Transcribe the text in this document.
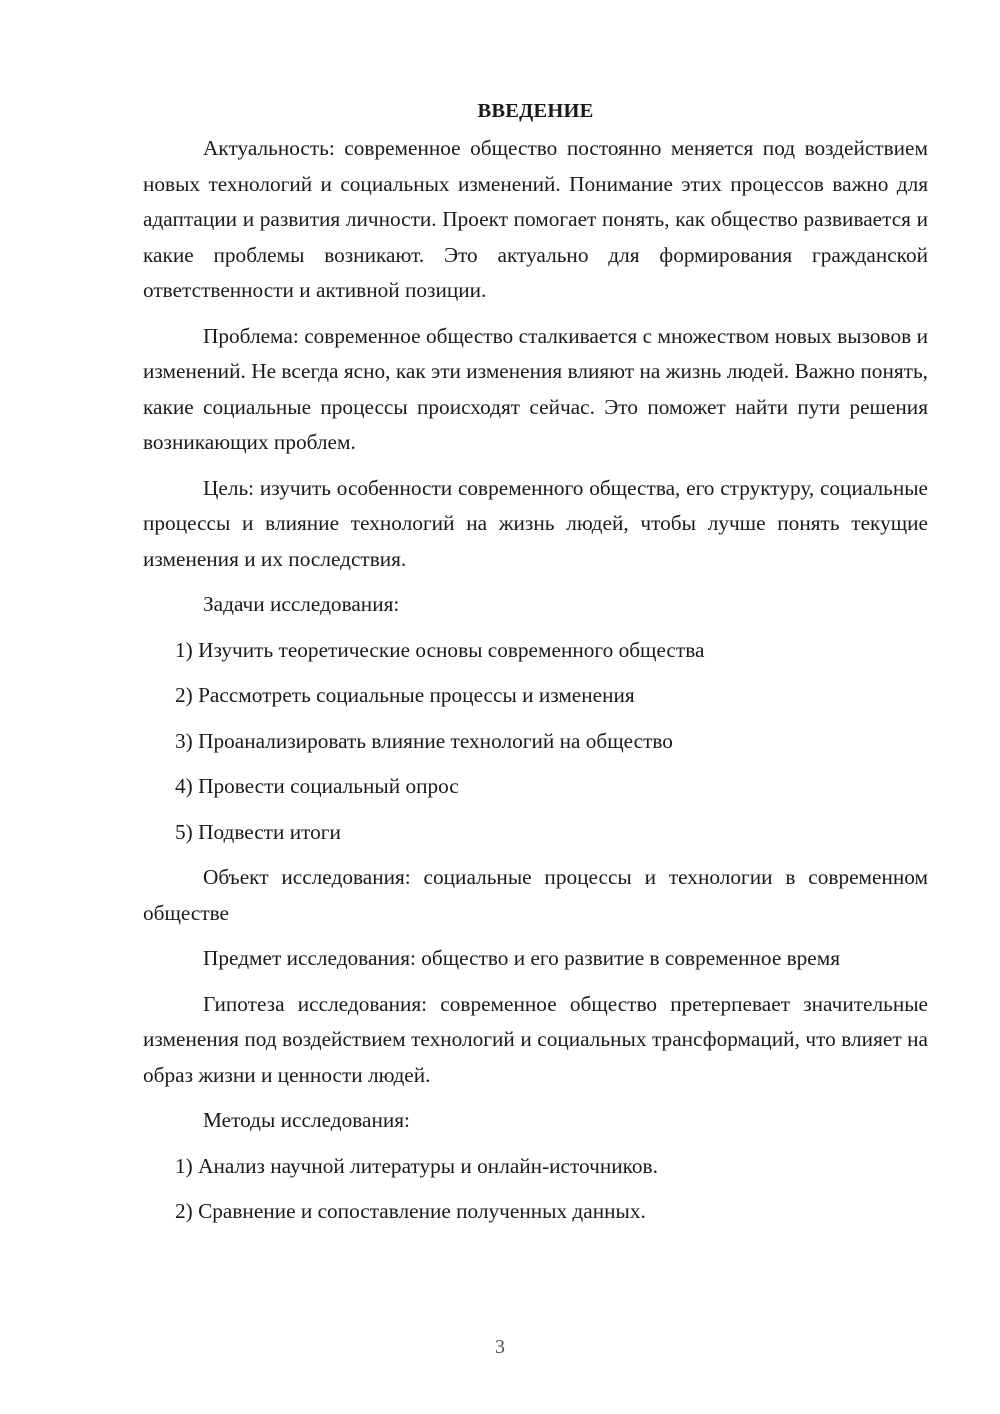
ВВЕДЕНИЕ

Актуальность: современное общество постоянно меняется под воздействием новых технологий и социальных изменений. Понимание этих процессов важно для адаптации и развития личности. Проект помогает понять, как общество развивается и какие проблемы возникают. Это актуально для формирования гражданской ответственности и активной позиции.

Проблема: современное общество сталкивается с множеством новых вызовов и изменений. Не всегда ясно, как эти изменения влияют на жизнь людей. Важно понять, какие социальные процессы происходят сейчас. Это поможет найти пути решения возникающих проблем.

Цель: изучить особенности современного общества, его структуру, социальные процессы и влияние технологий на жизнь людей, чтобы лучше понять текущие изменения и их последствия.

Задачи исследования:
1) Изучить теоретические основы современного общества
2) Рассмотреть социальные процессы и изменения
3) Проанализировать влияние технологий на общество
4) Провести социальный опрос
5) Подвести итоги

Объект исследования: социальные процессы и технологии в современном обществе

Предмет исследования: общество и его развитие в современное время

Гипотеза исследования: современное общество претерпевает значительные изменения под воздействием технологий и социальных трансформаций, что влияет на образ жизни и ценности людей.

Методы исследования:
1) Анализ научной литературы и онлайн-источников.
2) Сравнение и сопоставление полученных данных.
3
